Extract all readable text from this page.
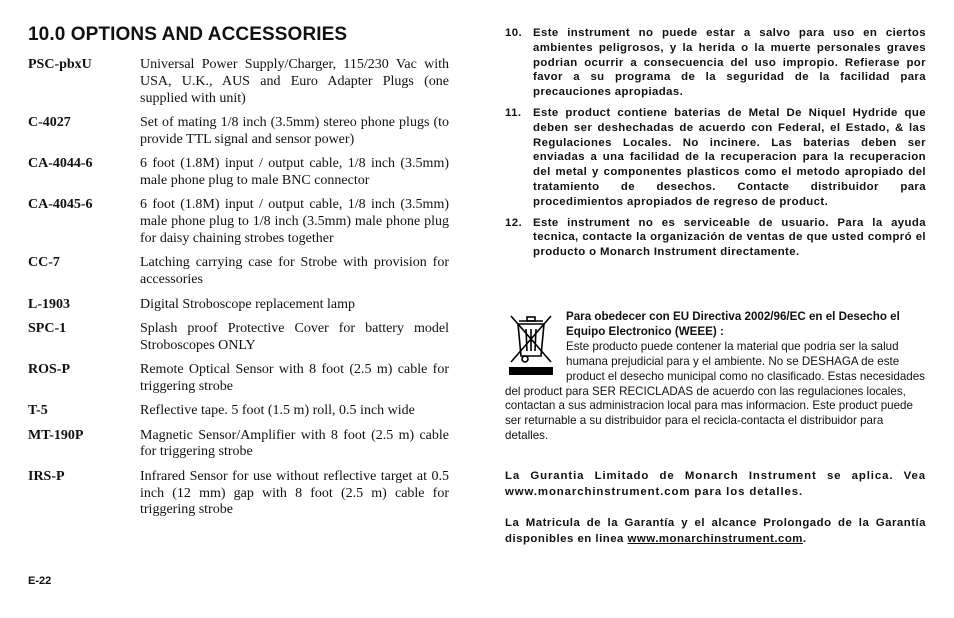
10.0 OPTIONS AND ACCESSORIES
PSC-pbxU	Universal Power Supply/Charger, 115/230 Vac with USA, U.K., AUS and Euro Adapter Plugs (one supplied with unit)
C-4027	Set of mating 1/8 inch (3.5mm) stereo phone plugs (to provide TTL signal and sensor power)
CA-4044-6	6 foot (1.8M) input / output cable, 1/8 inch (3.5mm) male phone plug to male BNC connector
CA-4045-6	6 foot (1.8M) input / output cable, 1/8 inch (3.5mm) male phone plug to 1/8 inch (3.5mm) male phone plug for daisy chaining strobes together
CC-7	Latching carrying case for Strobe with provision for accessories
L-1903	Digital Stroboscope replacement lamp
SPC-1	Splash proof Protective Cover for battery model Stroboscopes ONLY
ROS-P	Remote Optical Sensor with 8 foot (2.5 m) cable for triggering strobe
T-5	Reflective tape. 5 foot (1.5 m) roll, 0.5 inch wide
MT-190P	Magnetic Sensor/Amplifier with 8 foot (2.5 m) cable for triggering strobe
IRS-P	Infrared Sensor for use without reflective target at 0.5 inch (12 mm) gap with 8 foot (2.5 m) cable for triggering strobe
10. Este instrument no puede estar a salvo para uso en ciertos ambientes peligrosos, y la herida o la muerte personales graves podrian ocurrir a consecuencia del uso impropio. Refierase por favor a su programa de la seguridad de la facilidad para precauciones apropiadas.
11.	Este product contiene baterias de Metal De Niquel Hydride que deben ser deshechadas de acuerdo con Federal, el Estado, & las Regulaciones Locales. No incinere. Las baterias deben ser enviadas a una facilidad de la recuperacion para la recuperacion del metal y componentes plasticos como el metodo apropiado del tratamiento de desechos. Contacte distribuidor para procedimientos apropiados de regreso de product.
12. Este instrument no es serviceable de usuario. Para la ayuda tecnica, contacte la organización de ventas de que usted compró el producto o Monarch Instrument directamente.
Para obedecer con EU Directiva 2002/96/EC en el Desecho el Equipo Electronico (WEEE) :
Este producto puede contener la material que podria ser la salud humana prejudicial para y el ambiente. No se DESHAGA de este product el desecho municipal como no clasificado. Estas necesidades del product para SER RECICLADAS de acuerdo con las regulaciones locales, contactan a sus administracion local para mas informacion. Este product puede ser returnable a su distribuidor para el recicla-contacta el distribuidor para detalles.
La Gurantia Limitado de Monarch Instrument se aplica. Vea www.monarchinstrument.com para los detalles.
La Matricula de la Garantía y el alcance Prolongado de la Garantía disponibles en linea www.monarchinstrument.com.
E-22
